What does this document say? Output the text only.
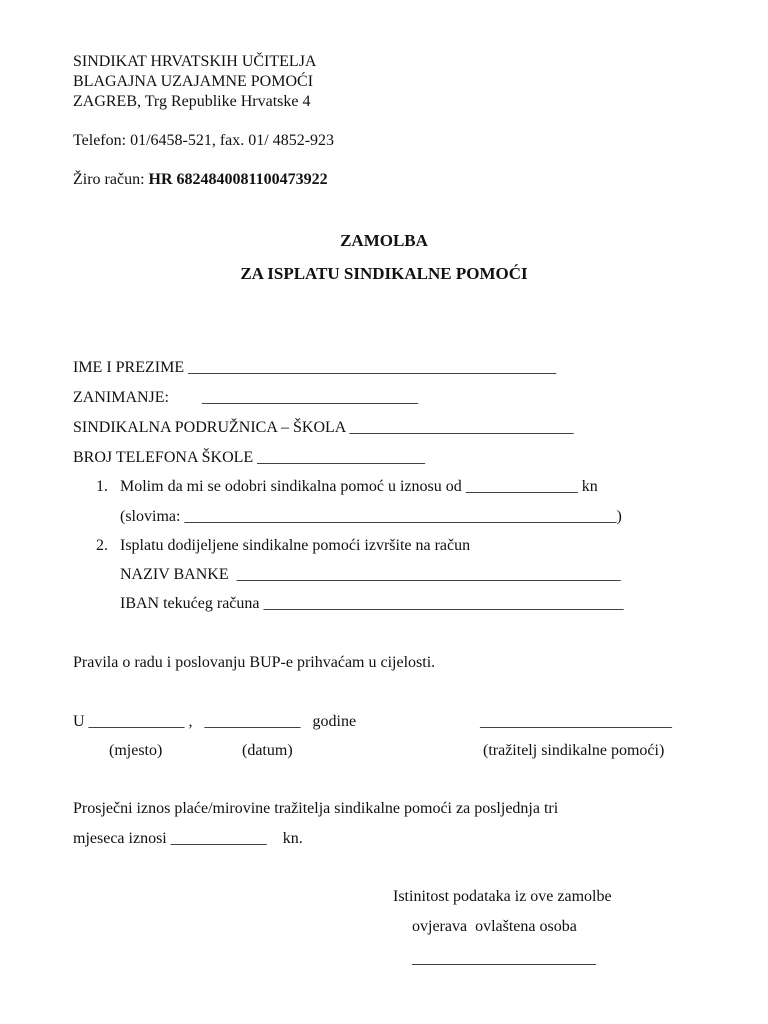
SINDIKAT HRVATSKIH UČITELJA
BLAGAJNA UZAJAMNE POMOĆI
ZAGREB, Trg Republike Hrvatske 4
Telefon: 01/6458-521, fax. 01/ 4852-923
Žiro račun: HR 6824840081100473922
ZAMOLBA
ZA ISPLATU SINDIKALNE POMOĆI
IME I PREZIME ______________________________________________
ZANIMANJE: ___________________________
SINDIKALNA PODRUŽNICA – ŠKOLA ____________________________
BROJ TELEFONA ŠKOLE _____________________
1. Molim da mi se odobri sindikalna pomoć u iznosu od ______________ kn
(slovima: ______________________________________________________)
2. Isplatu dodijeljene sindikalne pomoći izvršite na račun
NAZIV BANKE  ________________________________________________
IBAN tekućeg računa _____________________________________________
Pravila o radu i poslovanju BUP-e prihvaćam u cijelosti.
U ____________ ,   ____________   godine	________________________
(mjesto)	(datum)	(tražitelj sindikalne pomoći)
Prosječni iznos plaće/mirovine tražitelja sindikalne pomoći za posljednja tri
mjeseca iznosi ____________    kn.
Istinitost podataka iz ove zamolbe
ovjerava  ovlaštena osoba
_______________________
